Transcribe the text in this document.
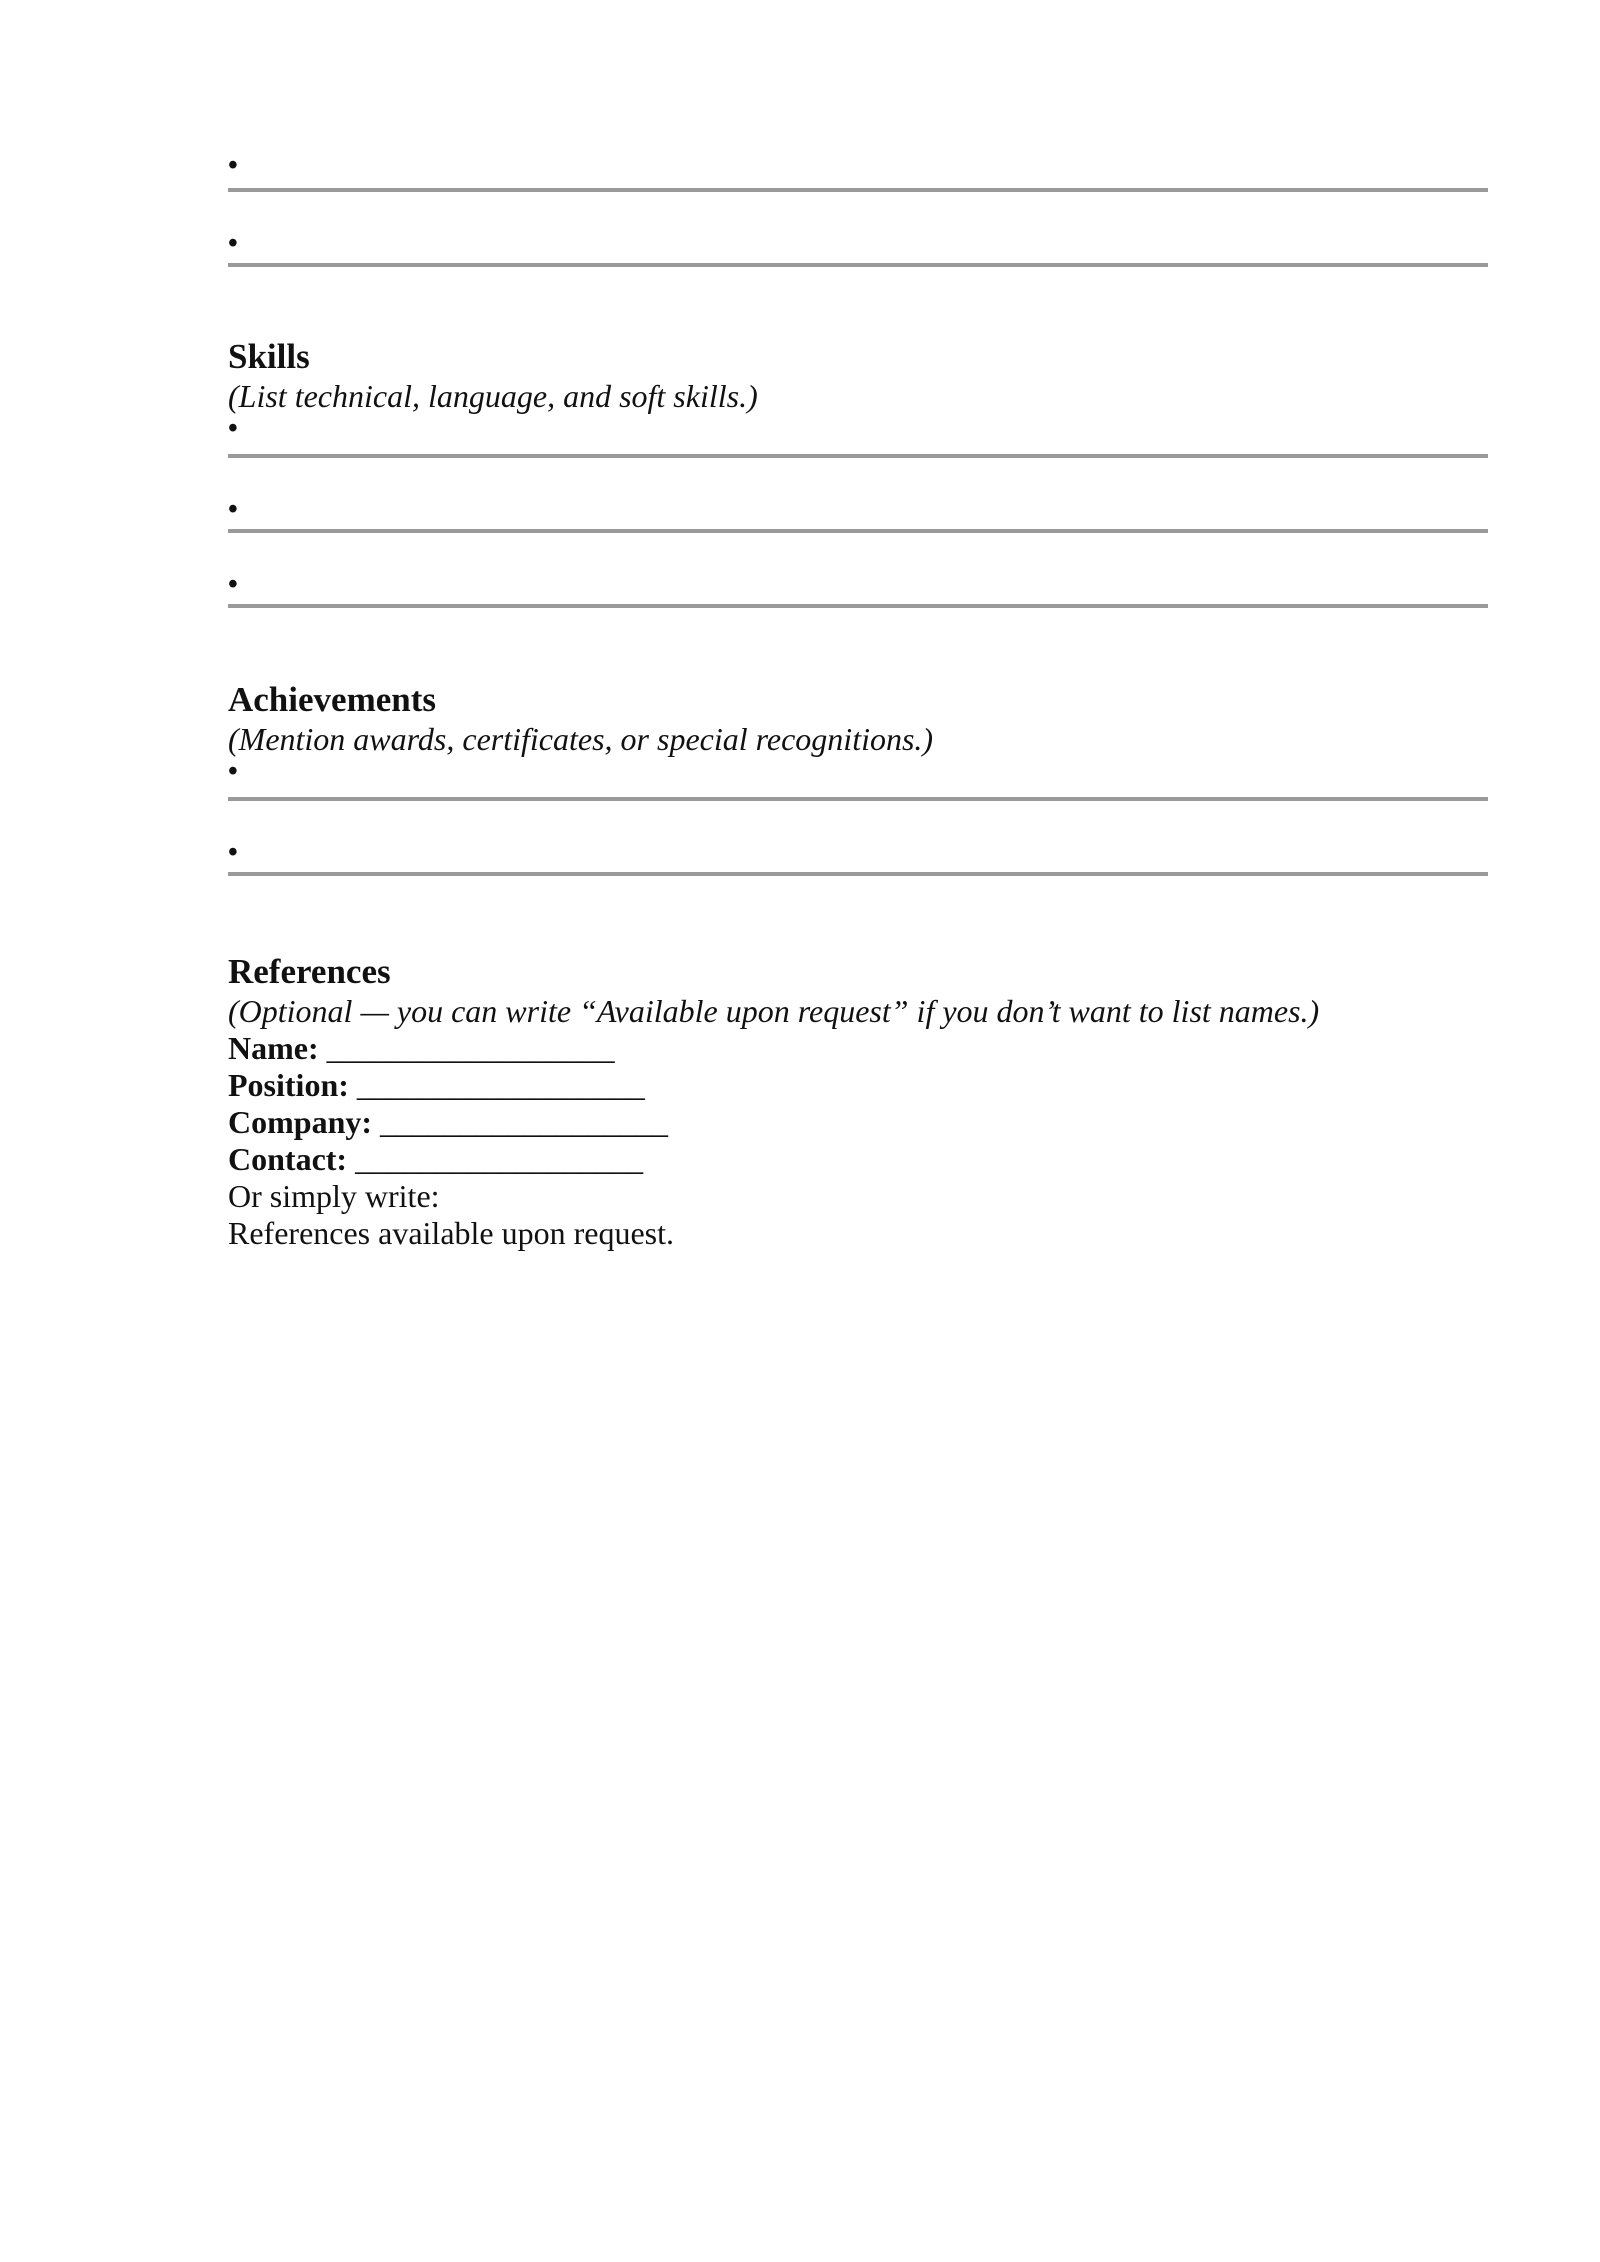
•
•

Skills

(List technical, language, and soft skills.)

•
•
•

Achievements

(Mention awards, certificates, or special recognitions.)

•
•

References

(Optional — you can write “Available upon request” if you don’t want to list names.)

Name: __________________

Position: __________________

Company: __________________

Contact: __________________

Or simply write:

References available upon request.
